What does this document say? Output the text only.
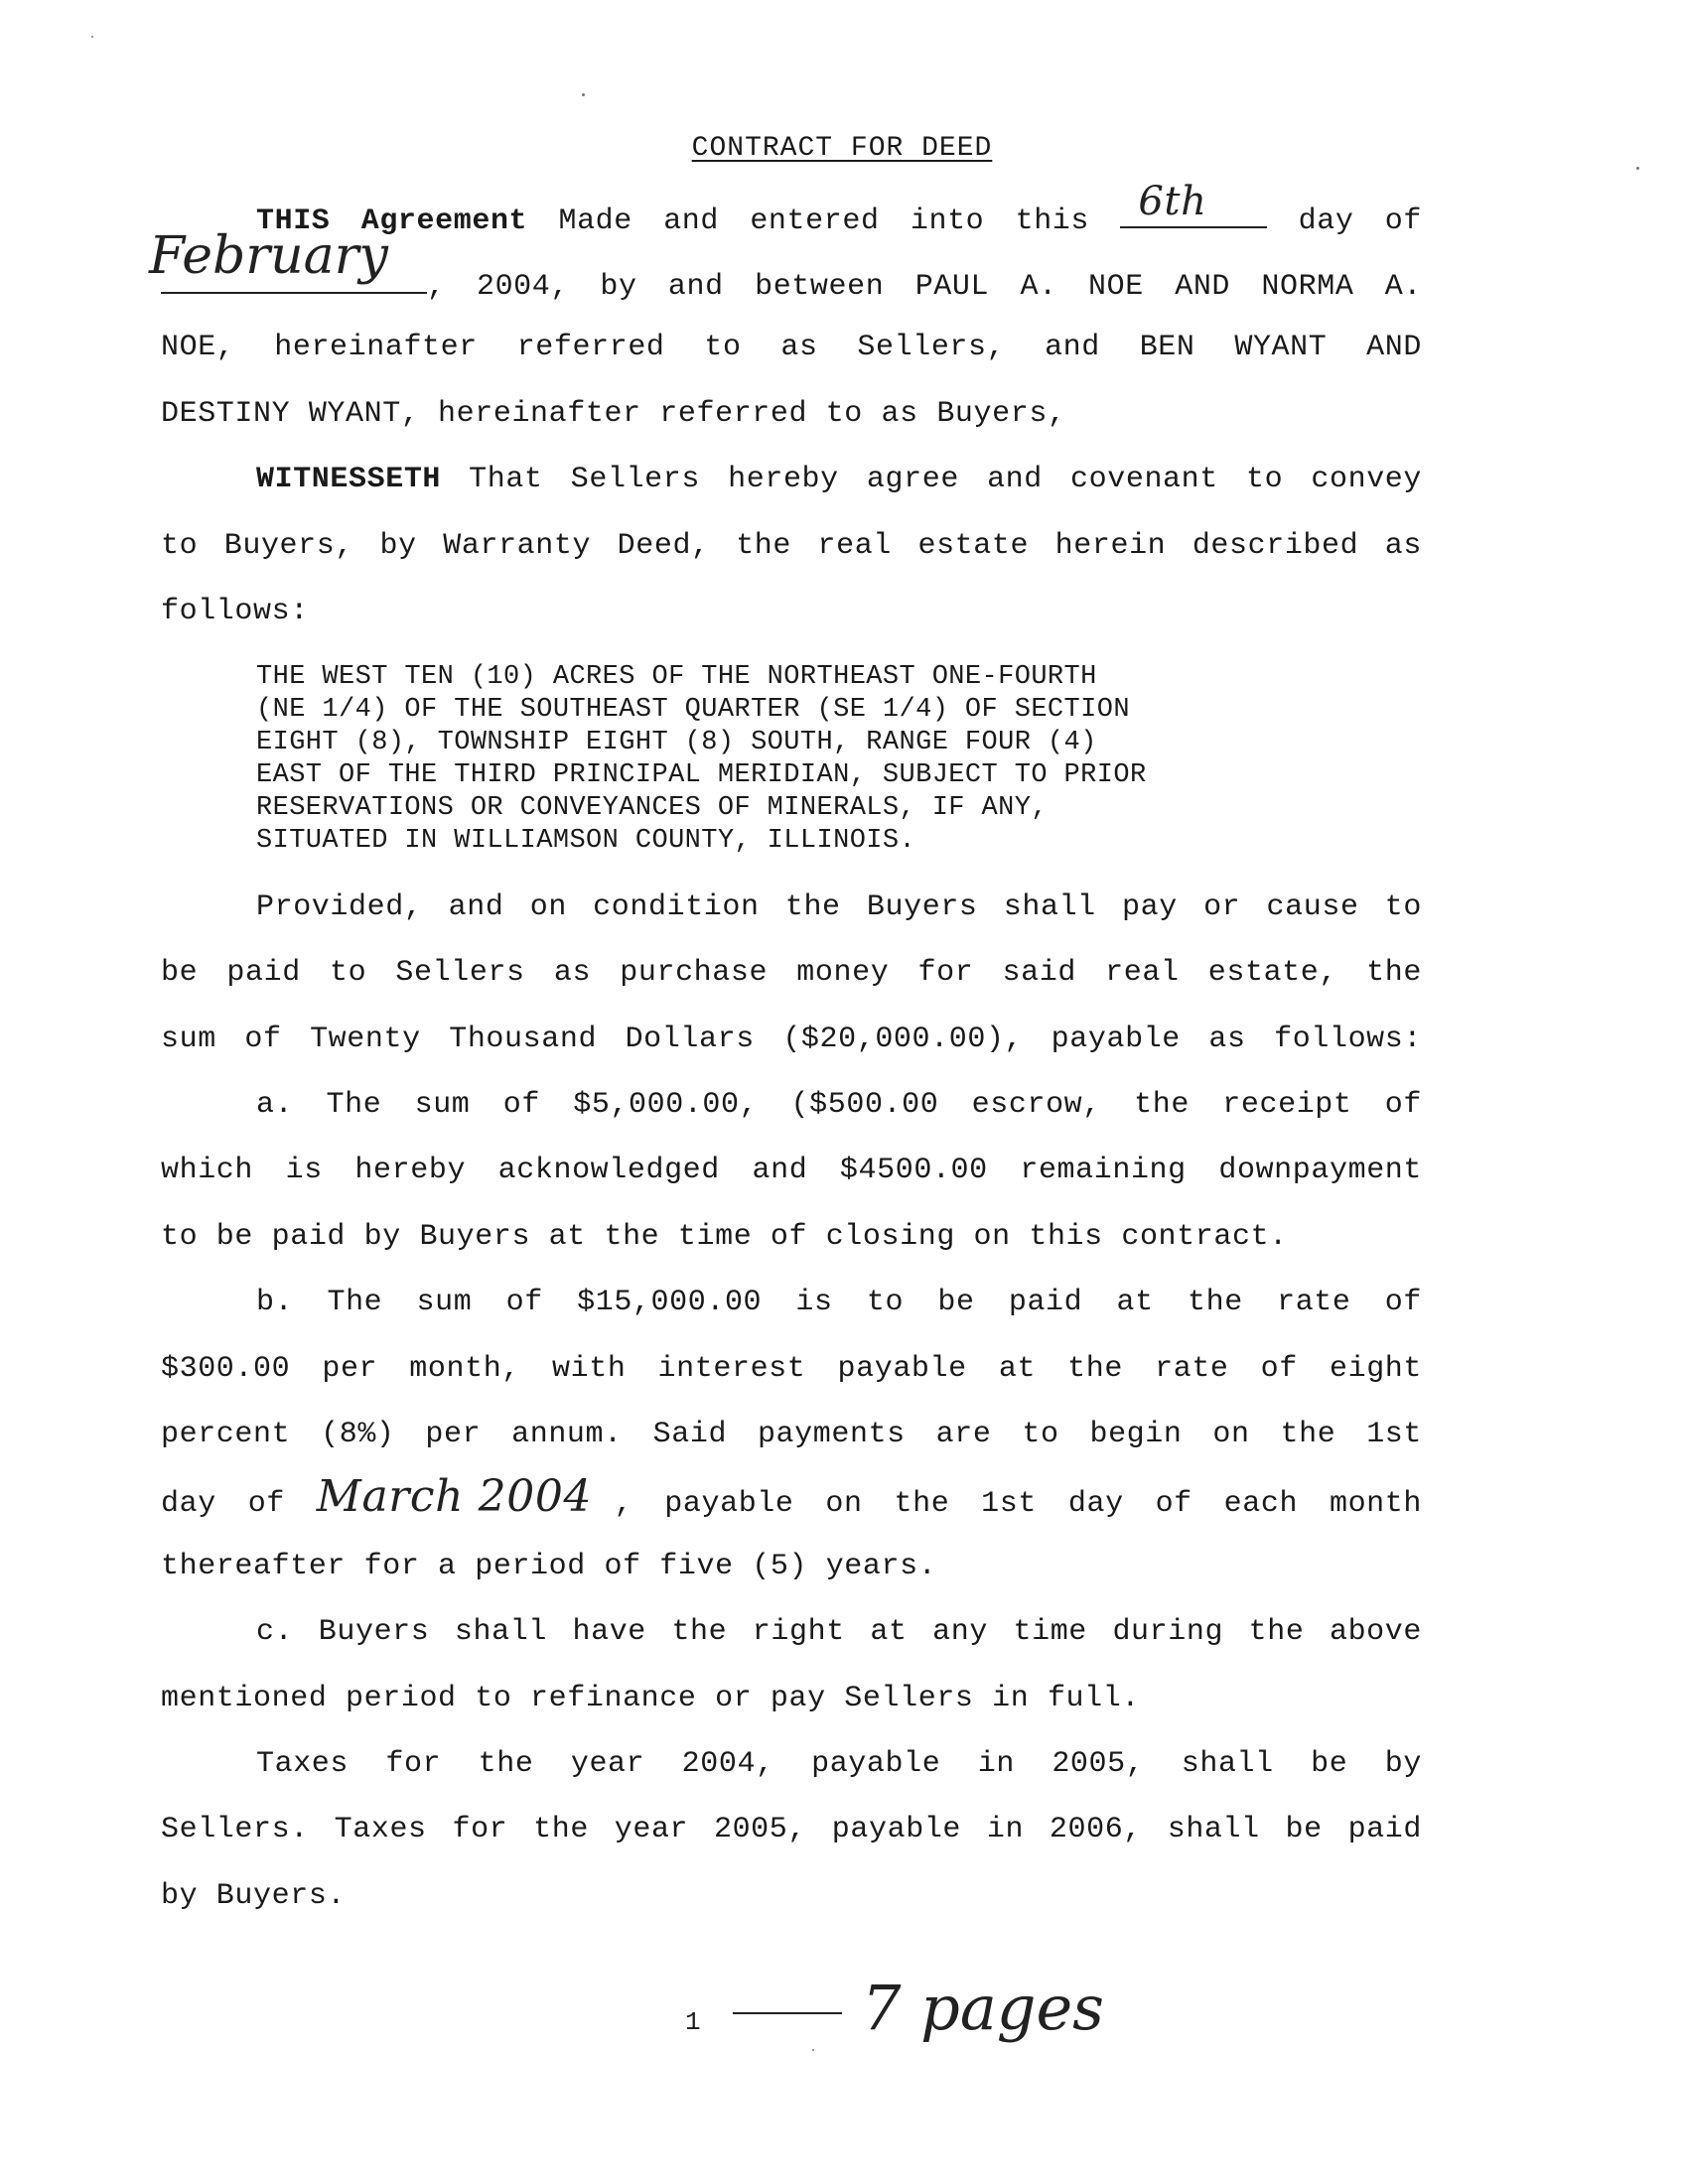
CONTRACT FOR DEED
THIS Agreement Made and entered into this 6th	day of
, 2004, by and between PAUL A. NOE AND NORMA A.
February
NOE, hereinafter referred to as Sellers, and BEN WYANT AND
DESTINY WYANT, hereinafter referred to as Buyers,
WITNESSETH That Sellers hereby agree and covenant to convey
to Buyers, by Warranty Deed, the real estate herein described as
follows:
THE WEST TEN (10) ACRES OF THE NORTHEAST ONE-FOURTH
(NE 1/4) OF THE SOUTHEAST QUARTER (SE 1/4) OF SECTION
EIGHT (8), TOWNSHIP EIGHT (8) SOUTH, RANGE FOUR (4)
EAST OF THE THIRD PRINCIPAL MERIDIAN, SUBJECT TO PRIOR
RESERVATIONS OR CONVEYANCES OF MINERALS, IF ANY,
SITUATED IN WILLIAMSON COUNTY, ILLINOIS.
Provided, and on condition the Buyers shall pay or cause to
be paid to Sellers as purchase money for said real estate, the
sum of Twenty Thousand Dollars ($20,000.00), payable as follows:
a. The sum of $5,000.00, ($500.00 escrow, the receipt of
which is hereby acknowledged and $4500.00 remaining downpayment
to be paid by Buyers at the time of closing on this contract.
b. The sum of $15,000.00 is to be paid at the rate of
$300.00 per month, with interest payable at the rate of eight
percent (8%) per annum. Said payments are to begin on the 1st
day of March 2004 , payable on the 1st day of each month
thereafter for a period of five (5) years.
c. Buyers shall have the right at any time during the above
mentioned period to refinance or pay Sellers in full.
Taxes for the year 2004, payable in 2005, shall be by
Sellers. Taxes for the year 2005, payable in 2006, shall be paid
by Buyers.
1	7 pages
